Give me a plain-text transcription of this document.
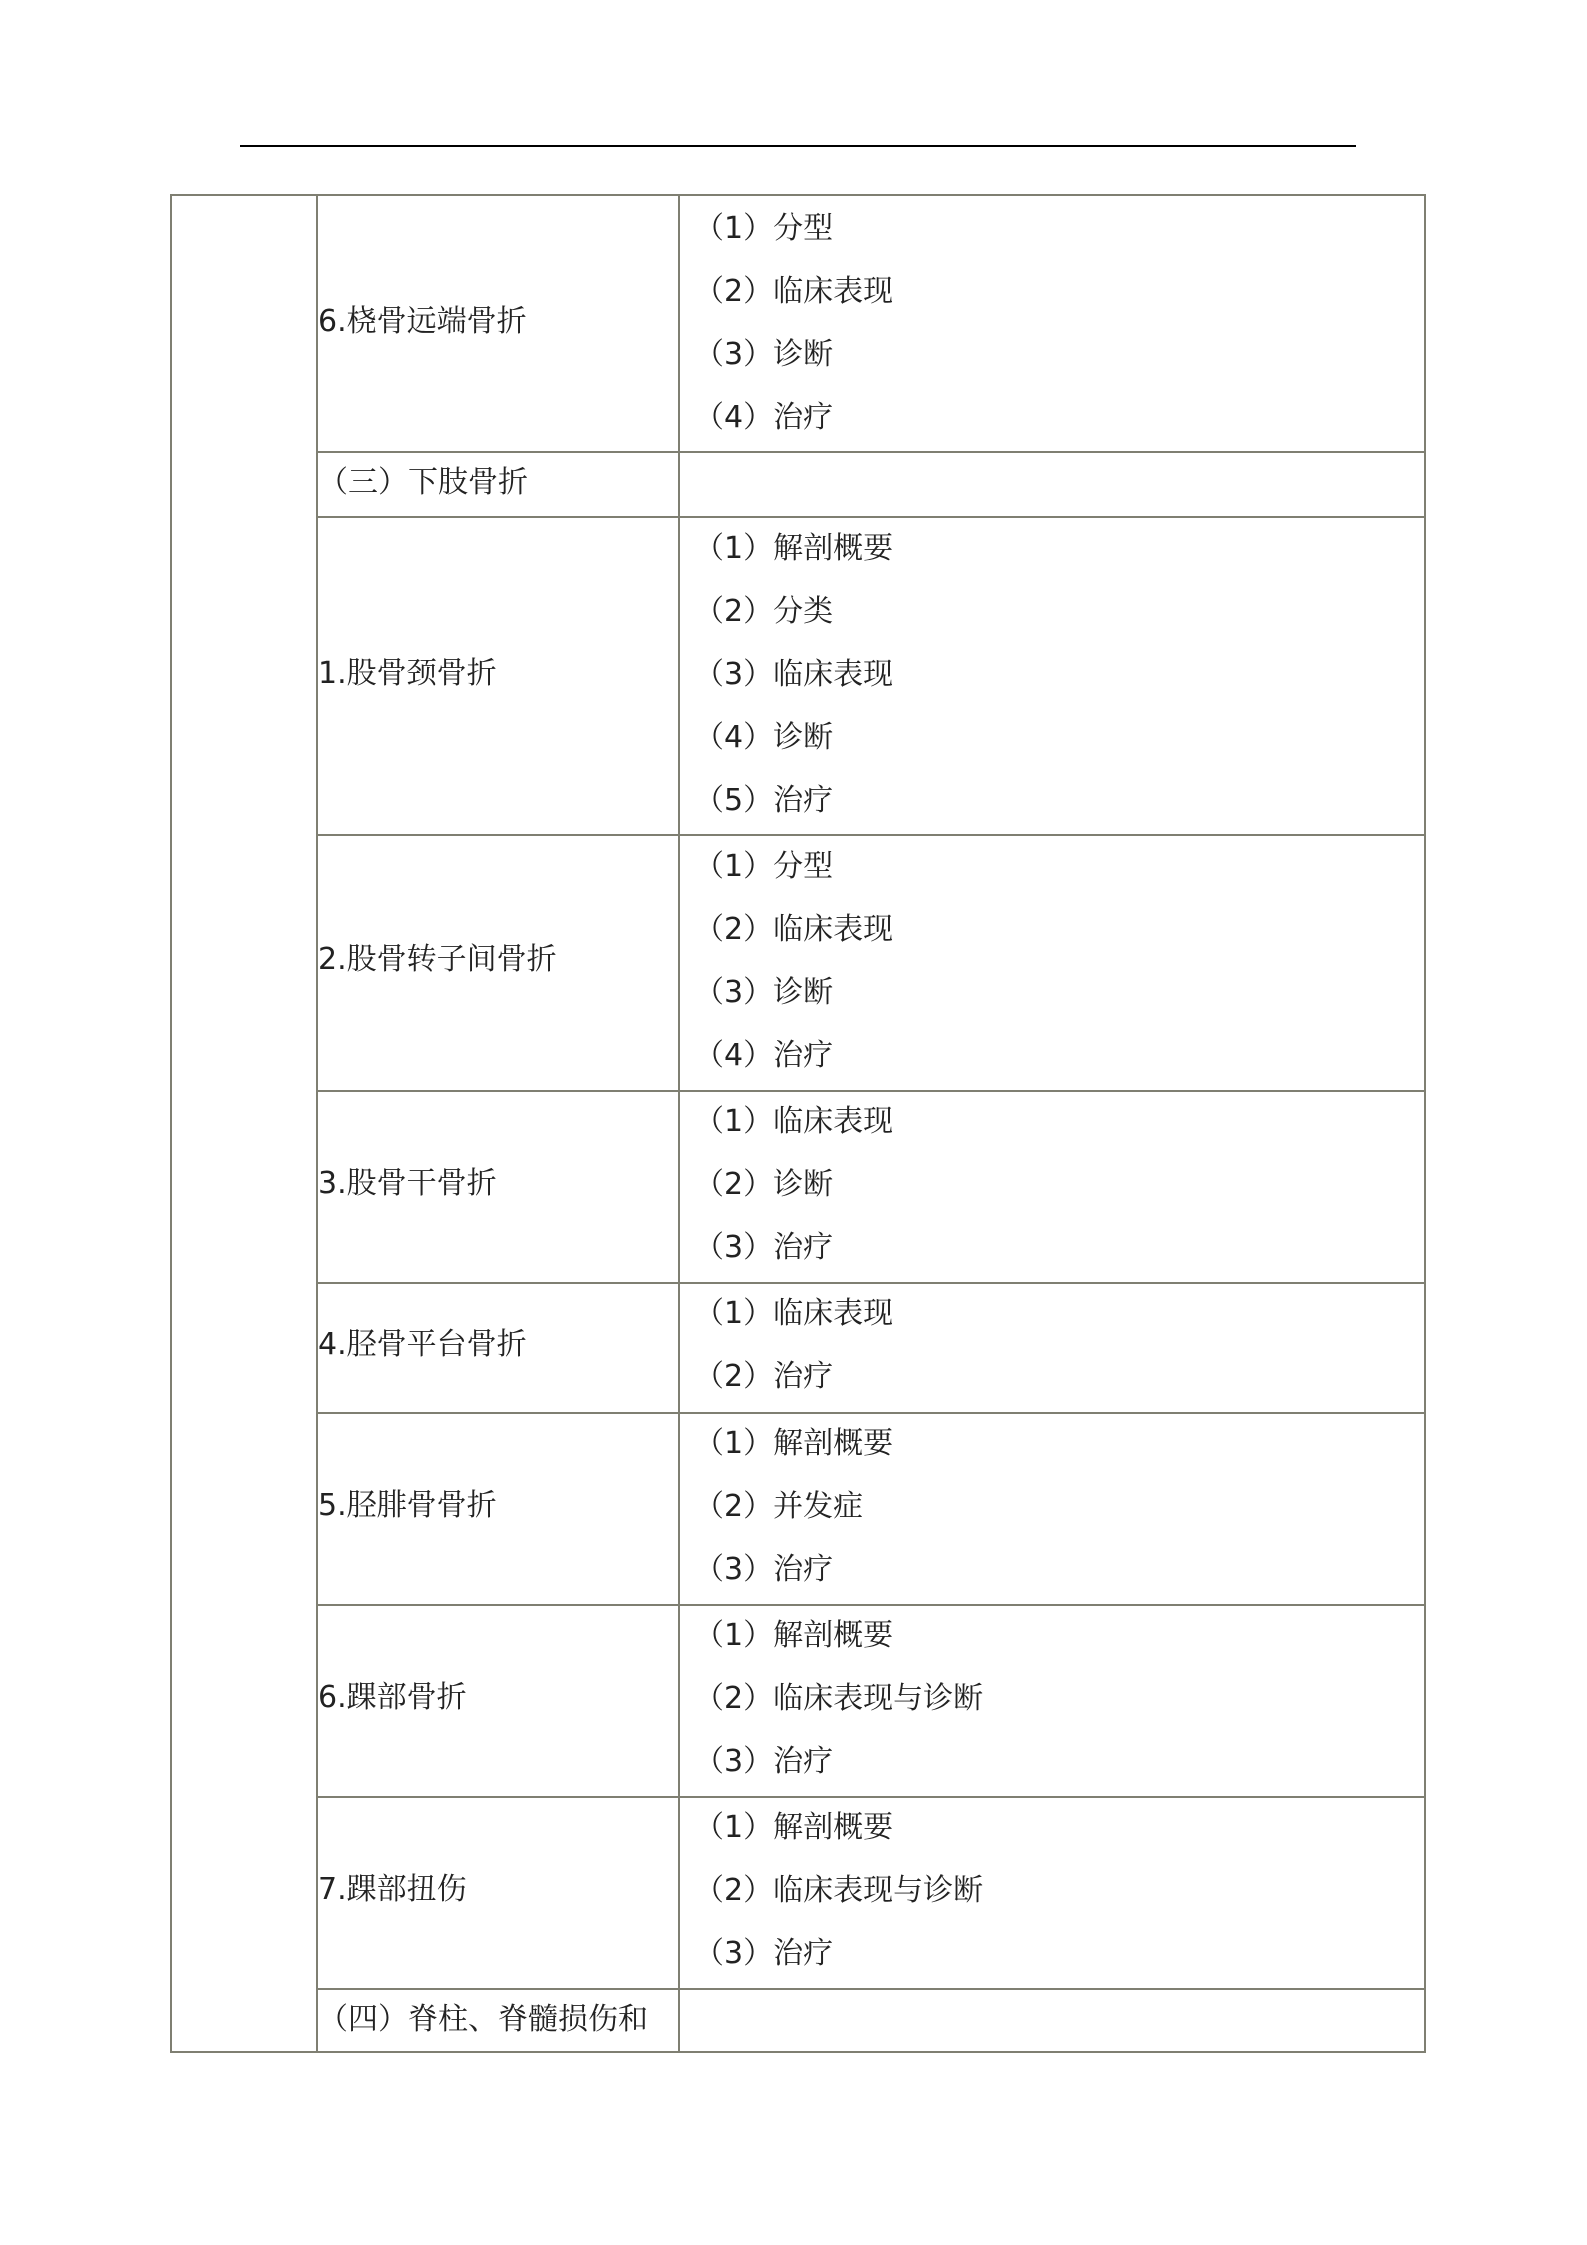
6.桡骨远端骨折
（1）分型
（2）临床表现
（3）诊断
（4）治疗
（三）下肢骨折
1.股骨颈骨折
（1）解剖概要
（2）分类
（3）临床表现
（4）诊断
（5）治疗
2.股骨转子间骨折
（1）分型
（2）临床表现
（3）诊断
（4）治疗
3.股骨干骨折
（1）临床表现
（2）诊断
（3）治疗
4.胫骨平台骨折
（1）临床表现
（2）治疗
5.胫腓骨骨折
（1）解剖概要
（2）并发症
（3）治疗
6.踝部骨折
（1）解剖概要
（2）临床表现与诊断
（3）治疗
7.踝部扭伤
（1）解剖概要
（2）临床表现与诊断
（3）治疗
（四）脊柱、脊髓损伤和
